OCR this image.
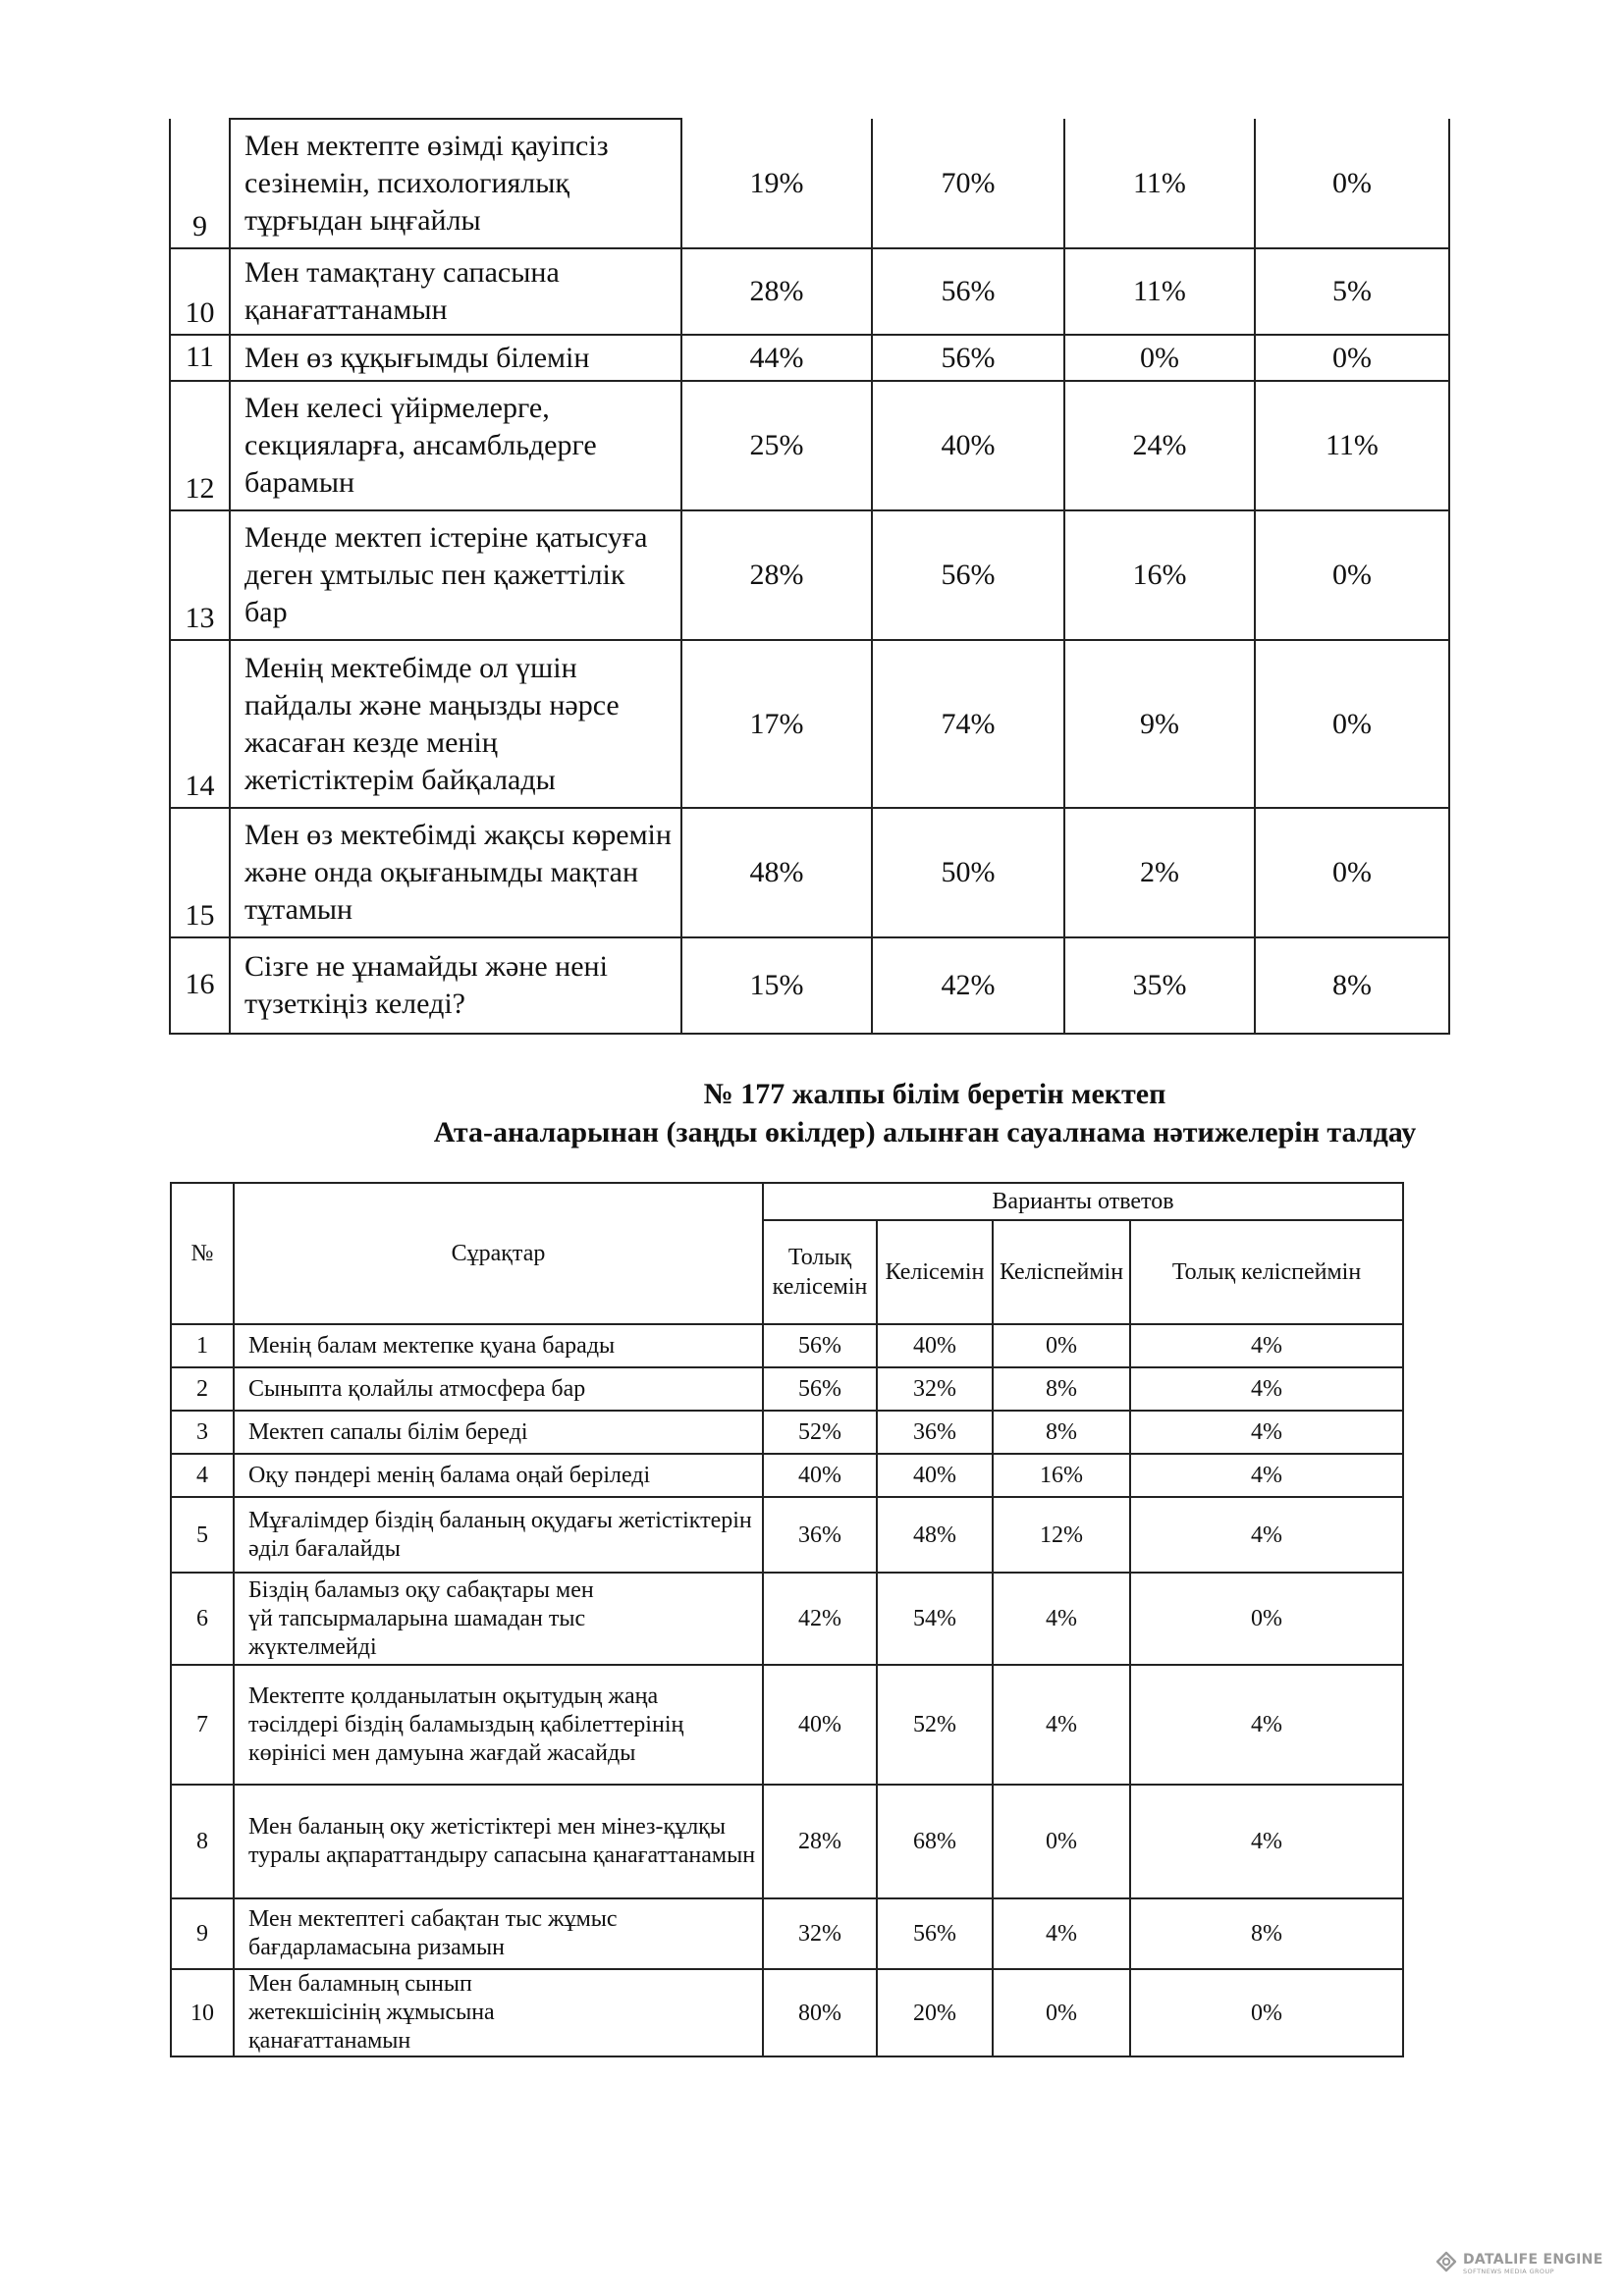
9	Мен мектепте өзімді қауіпсіз сезінемін, психологиялық тұрғыдан ыңғайлы	19%	70%	11%	0%
10	Мен тамақтану сапасына қанағаттанамын	28%	56%	11%	5%
11	Мен өз құқығымды білемін	44%	56%	0%	0%
12	Мен келесі үйірмелерге, секцияларға, ансамбльдерге барамын	25%	40%	24%	11%
13	Менде мектеп істеріне қатысуға деген ұмтылыс пен қажеттілік бар	28%	56%	16%	0%
14	Менің мектебімде ол үшін пайдалы және маңызды нәрсе жасаған кезде менің жетістіктерім байқалады	17%	74%	9%	0%
15	Мен өз мектебімді жақсы көремін және онда оқығанымды мақтан тұтамын	48%	50%	2%	0%
16	Сізге не ұнамайды және нені түзеткіңіз келеді?	15%	42%	35%	8%
№ 177 жалпы білім беретін мектеп
Ата-аналарынан (заңды өкілдер) алынған сауалнама нәтижелерін талдау
№	Сұрақтар	Варианты ответов			
		Толық келісемін	Келісемін	Келіспеймін	Толық келіспеймін
1	Менің балам мектепке қуана барады	56%	40%	0%	4%
2	Сыныпта қолайлы атмосфера бар	56%	32%	8%	4%
3	Мектеп сапалы білім береді	52%	36%	8%	4%
4	Оқу пәндері менің балама оңай беріледі	40%	40%	16%	4%
5	Мұғалімдер біздің баланың оқудағы жетістіктерін әділ бағалайды	36%	48%	12%	4%
6	Біздің баламыз оқу сабақтары мен үй тапсырмаларына шамадан тыс жүктелмейді	42%	54%	4%	0%
7	Мектепте қолданылатын оқытудың жаңа тәсілдері біздің баламыздың қабілеттерінің көрінісі мен дамуына жағдай жасайды	40%	52%	4%	4%
8	Мен баланың оқу жетістіктері мен мінез-құлқы туралы ақпараттандыру сапасына қанағаттанамын	28%	68%	0%	4%
9	Мен мектептегі сабақтан тыс жұмыс бағдарламасына ризамын	32%	56%	4%	8%
10	Мен баламның сынып жетекшісінің жұмысына қанағаттанамын	80%	20%	0%	0%
DATALIFE ENGINE
SOFTNEWS MEDIA GROUP
